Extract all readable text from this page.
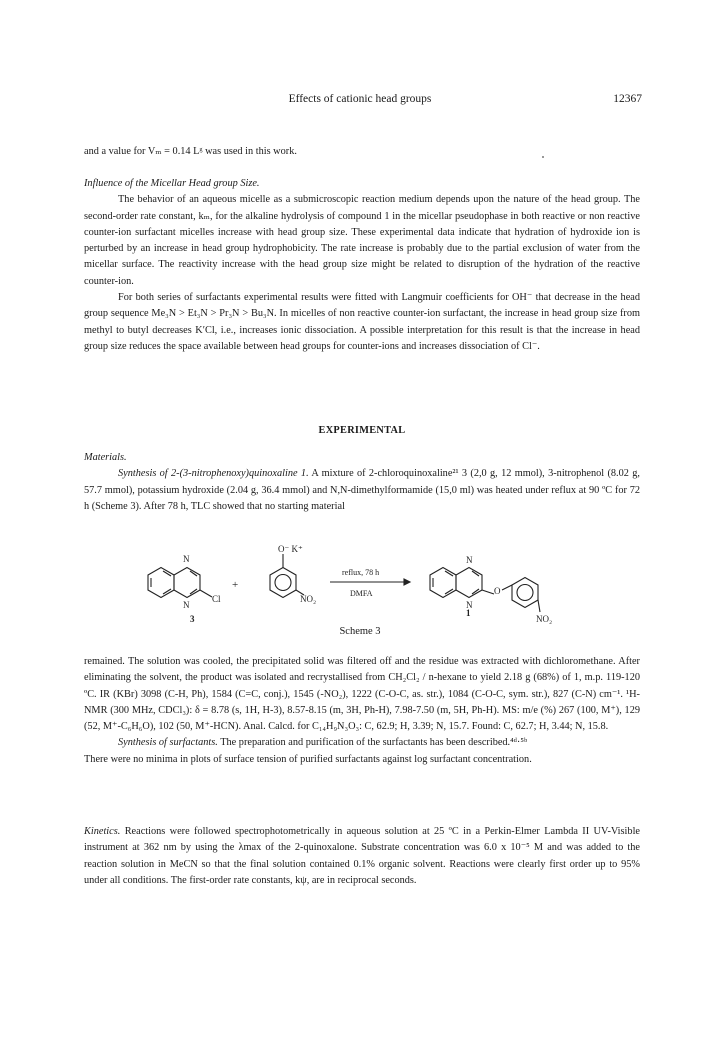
Effects of cationic head groups	12367

and a value for Vₘ = 0.14 Lᵍ was used in this work.

Influence of the Micellar Head group Size.

The behavior of an aqueous micelle as a submicroscopic reaction medium depends upon the nature of the head group. The second-order rate constant, kₘ, for the alkaline hydrolysis of compound 1 in the micellar pseudophase in both reactive or non reactive counter-ion surfactant micelles increase with head group size. These experimental data indicate that hydration of hydroxide ion is perturbed by an increase in head group hydrophobicity. The rate increase is probably due to the partial exclusion of water from the micellar surface. The reactivity increase with the head group size might be related to disruption of the hydration of the reactive counter-ion.

For both series of surfactants experimental results were fitted with Langmuir coefficients for OH⁻ that decrease in the head group sequence Me₃N > Et₃N > Pr₃N > Bu₃N. In micelles of non reactive counter-ion surfactant, the increase in head group size from methyl to butyl decreases K′Cl, i.e., increases ionic dissociation. A possible interpretation for this result is that the increase in head group size reduces the space available between head groups for counter-ions and increases dissociation of Cl⁻.

EXPERIMENTAL

Materials.

Synthesis of 2-(3-nitrophenoxy)quinoxaline 1. A mixture of 2-chloroquinoxaline²¹ 3 (2,0 g, 12 mmol), 3-nitrophenol (8.02 g, 57.7 mmol), potassium hydroxide (2.04 g, 36.4 mmol) and N,N-dimethylformamide (15,0 ml) was heated under reflux at 90 ºC for 72 h (Scheme 3). After 78 h, TLC showed that no starting material

N
N
Cl
+
O⁻ K⁺
NO₂
reflux, 78 h
DMFA
N
N
O
NO₂
3
1
Scheme 3

remained. The solution was cooled, the precipitated solid was filtered off and the residue was extracted with dichloromethane. After eliminating the solvent, the product was isolated and recrystallised from CH₂Cl₂ / n-hexane to yield 2.18 g (68%) of 1, m.p. 119-120 ºC. IR (KBr) 3098 (C-H, Ph), 1584 (C=C, conj.), 1545 (-NO₂), 1222 (C-O-C, as. str.), 1084 (C-O-C, sym. str.), 827 (C-N) cm⁻¹. ¹H-NMR (300 MHz, CDCl₃): δ = 8.78 (s, 1H, H-3), 8.57-8.15 (m, 3H, Ph-H), 7.98-7.50 (m, 5H, Ph-H). MS: m/e (%) 267 (100, M⁺), 129 (52, M⁺-C₆H₆O), 102 (50, M⁺-HCN). Anal. Calcd. for C₁₄H₉N₃O₃: C, 62.9; H, 3.39; N, 15.7. Found: C, 62.7; H, 3.44; N, 15.8.

Synthesis of surfactants. The preparation and purification of the surfactants has been described.⁴ᵈ·⁵ᵇ

There were no minima in plots of surface tension of purified surfactants against log surfactant concentration.

Kinetics. Reactions were followed spectrophotometrically in aqueous solution at 25 ºC in a Perkin-Elmer Lambda II UV-Visible instrument at 362 nm by using the λmax of the 2-quinoxalone. Substrate concentration was 6.0 x 10⁻⁵ M and was added to the reaction solution in MeCN so that the final solution contained 0.1% organic solvent. Reactions were clearly first order up to 95% under all conditions. The first-order rate constants, kψ, are in reciprocal seconds.
